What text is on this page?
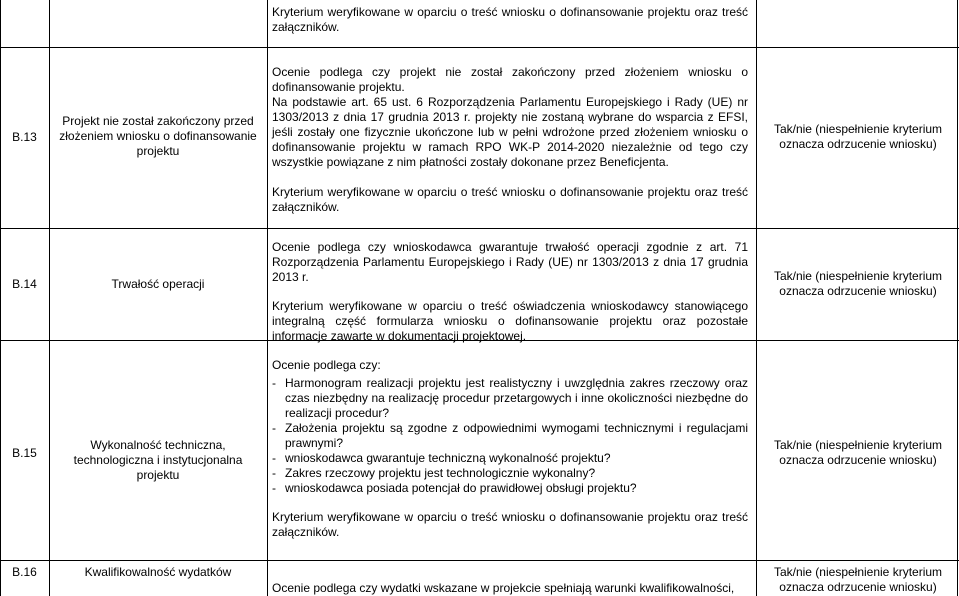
Kryterium weryfikowane w oparciu o treść wniosku o dofinansowanie projektu oraz treść załączników.
B.13
Projekt nie został zakończony przed złożeniem wniosku o dofinansowanie projektu

Ocenie podlega czy projekt nie został zakończony przed złożeniem wniosku o dofinansowanie projektu.

Na podstawie art. 65 ust. 6 Rozporządzenia Parlamentu Europejskiego i Rady (UE) nr 1303/2013 z dnia 17 grudnia 2013 r. projekty nie zostaną wybrane do wsparcia z EFSI, jeśli zostały one fizycznie ukończone lub w pełni wdrożone przed złożeniem wniosku o dofinansowanie projektu w ramach RPO WK-P 2014-2020 niezależnie od tego czy wszystkie powiązane z nim płatności zostały dokonane przez Beneficjenta.

Kryterium weryfikowane w oparciu o treść wniosku o dofinansowanie projektu oraz treść załączników.

Tak/nie (niespełnienie kryterium oznacza odrzucenie wniosku)
B.14	Trwałość operacji

Ocenie podlega czy wnioskodawca gwarantuje trwałość operacji zgodnie z art. 71 Rozporządzenia Parlamentu Europejskiego i Rady (UE) nr 1303/2013 z dnia 17 grudnia 2013 r.

Kryterium weryfikowane w oparciu o treść oświadczenia wnioskodawcy stanowiącego integralną część formularza wniosku o dofinansowanie projektu oraz pozostałe informacje zawarte w dokumentacji projektowej.

Tak/nie (niespełnienie kryterium oznacza odrzucenie wniosku)
B.15
Wykonalność techniczna, technologiczna i instytucjonalna projektu

Ocenie podlega czy:

- Harmonogram realizacji projektu jest realistyczny i uwzględnia zakres rzeczowy oraz czas niezbędny na realizację procedur przetargowych i inne okoliczności niezbędne do realizacji procedur?
- Założenia projektu są zgodne z odpowiednimi wymogami technicznymi i regulacjami prawnymi?
- wnioskodawca gwarantuje techniczną wykonalność projektu?
- Zakres rzeczowy projektu jest technologicznie wykonalny?
- wnioskodawca posiada potencjał do prawidłowej obsługi projektu?

Kryterium weryfikowane w oparciu o treść wniosku o dofinansowanie projektu oraz treść załączników.

Tak/nie (niespełnienie kryterium oznacza odrzucenie wniosku)
B.16	Kwalifikowalność wydatków
Ocenie podlega czy wydatki wskazane w projekcie spełniają warunki kwalifikowalności,
Tak/nie (niespełnienie kryterium oznacza odrzucenie wniosku)
